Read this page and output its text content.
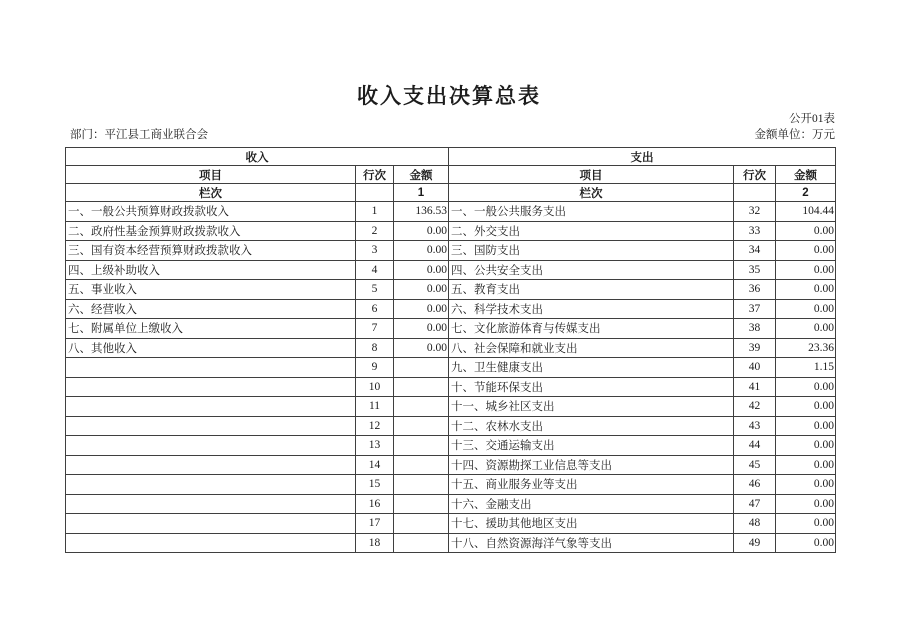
收入支出决算总表
公开01表
部门：平江县工商业联合会	金额单位：万元
收入			支出		
项目	行次	金额	项目	行次	金额
栏次		1	栏次		2
一、一般公共预算财政拨款收入	1	136.53	一、一般公共服务支出	32	104.44
二、政府性基金预算财政拨款收入	2	0.00	二、外交支出	33	0.00
三、国有资本经营预算财政拨款收入	3	0.00	三、国防支出	34	0.00
四、上级补助收入	4	0.00	四、公共安全支出	35	0.00
五、事业收入	5	0.00	五、教育支出	36	0.00
六、经营收入	6	0.00	六、科学技术支出	37	0.00
七、附属单位上缴收入	7	0.00	七、文化旅游体育与传媒支出	38	0.00
八、其他收入	8	0.00	八、社会保障和就业支出	39	23.36
	9		九、卫生健康支出	40	1.15
	10		十、节能环保支出	41	0.00
	11		十一、城乡社区支出	42	0.00
	12		十二、农林水支出	43	0.00
	13		十三、交通运输支出	44	0.00
	14		十四、资源勘探工业信息等支出	45	0.00
	15		十五、商业服务业等支出	46	0.00
	16		十六、金融支出	47	0.00
	17		十七、援助其他地区支出	48	0.00
	18		十八、自然资源海洋气象等支出	49	0.00
